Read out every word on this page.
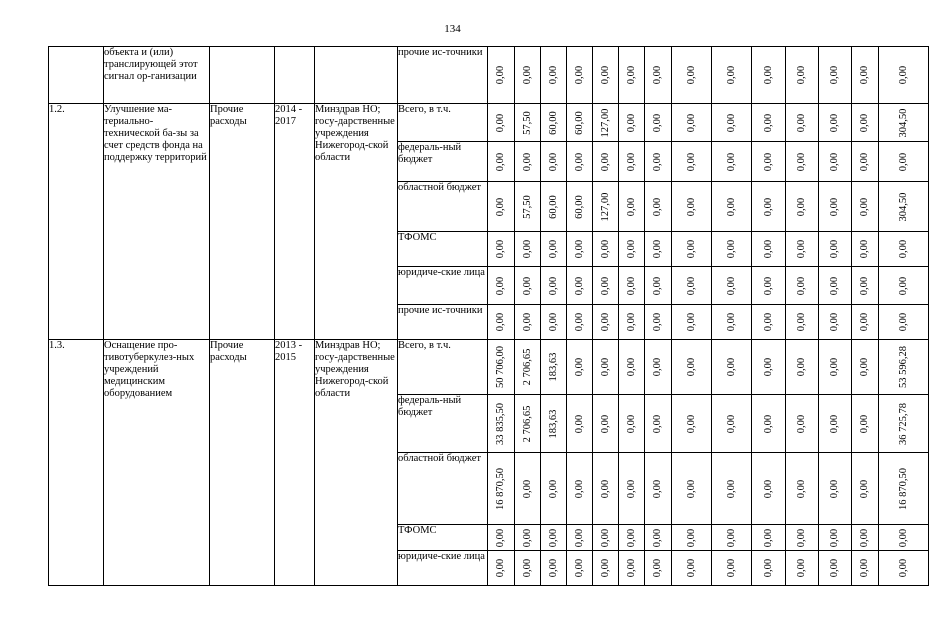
134
	объекта и (или) транслирующей этот сигнал ор-ганизации				прочие ис-точники	0,00	0,00	0,00	0,00	0,00	0,00	0,00	0,00	0,00	0,00	0,00	0,00	0,00	0,00

1.2.	Улучшение ма-териально-технической ба-зы за счет средств фонда на поддержку территорий	Прочие расходы	2014 - 2017	Минздрав НО; госу-дарственные учреждения Нижегород-ской области	Всего, в т.ч.	0,00	57,50	60,00	60,00	127,00	0,00	0,00	0,00	0,00	0,00	0,00	0,00	0,00	304,50

					федераль-ный бюджет	0,00	0,00	0,00	0,00	0,00	0,00	0,00	0,00	0,00	0,00	0,00	0,00	0,00	0,00

					областной бюджет	0,00	57,50	60,00	60,00	127,00	0,00	0,00	0,00	0,00	0,00	0,00	0,00	0,00	304,50

					ТФОМС	0,00	0,00	0,00	0,00	0,00	0,00	0,00	0,00	0,00	0,00	0,00	0,00	0,00	0,00

					юридиче-ские лица	0,00	0,00	0,00	0,00	0,00	0,00	0,00	0,00	0,00	0,00	0,00	0,00	0,00	0,00

					прочие ис-точники	0,00	0,00	0,00	0,00	0,00	0,00	0,00	0,00	0,00	0,00	0,00	0,00	0,00	0,00

1.3.	Оснащение про-тивотуберкулез-ных учреждений медицинским оборудованием	Прочие расходы	2013 - 2015	Минздрав НО; госу-дарственные учреждения Нижегород-ской области	Всего, в т.ч.	50 706,00	2 706,65	183,63	0,00	0,00	0,00	0,00	0,00	0,00	0,00	0,00	0,00	0,00	53 596,28

					федераль-ный бюджет	33 835,50	2 706,65	183,63	0,00	0,00	0,00	0,00	0,00	0,00	0,00	0,00	0,00	0,00	36 725,78

					областной бюджет	16 870,50	0,00	0,00	0,00	0,00	0,00	0,00	0,00	0,00	0,00	0,00	0,00	0,00	16 870,50

					ТФОМС	0,00	0,00	0,00	0,00	0,00	0,00	0,00	0,00	0,00	0,00	0,00	0,00	0,00	0,00

					юридиче-ские лица	0,00	0,00	0,00	0,00	0,00	0,00	0,00	0,00	0,00	0,00	0,00	0,00	0,00	0,00
